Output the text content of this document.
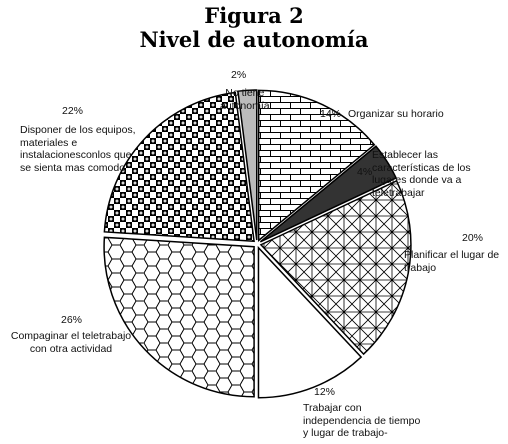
Figura 2
Nivel de autonomía
14% Organizar su horario
Establecer las
características de los
lugares donde va a
teletrabajar
4%
20%
Planificar el lugar de
trabajo
12%
Trabajar con
independencia de tiempo
y lugar de trabajo-
26%
Compaginar el teletrabajo
con otra actividad
22%
Disponer de los equipos,
materiales e
instalacionesconlos que
se sienta mas comodo
2%
No tiene
autonomía
